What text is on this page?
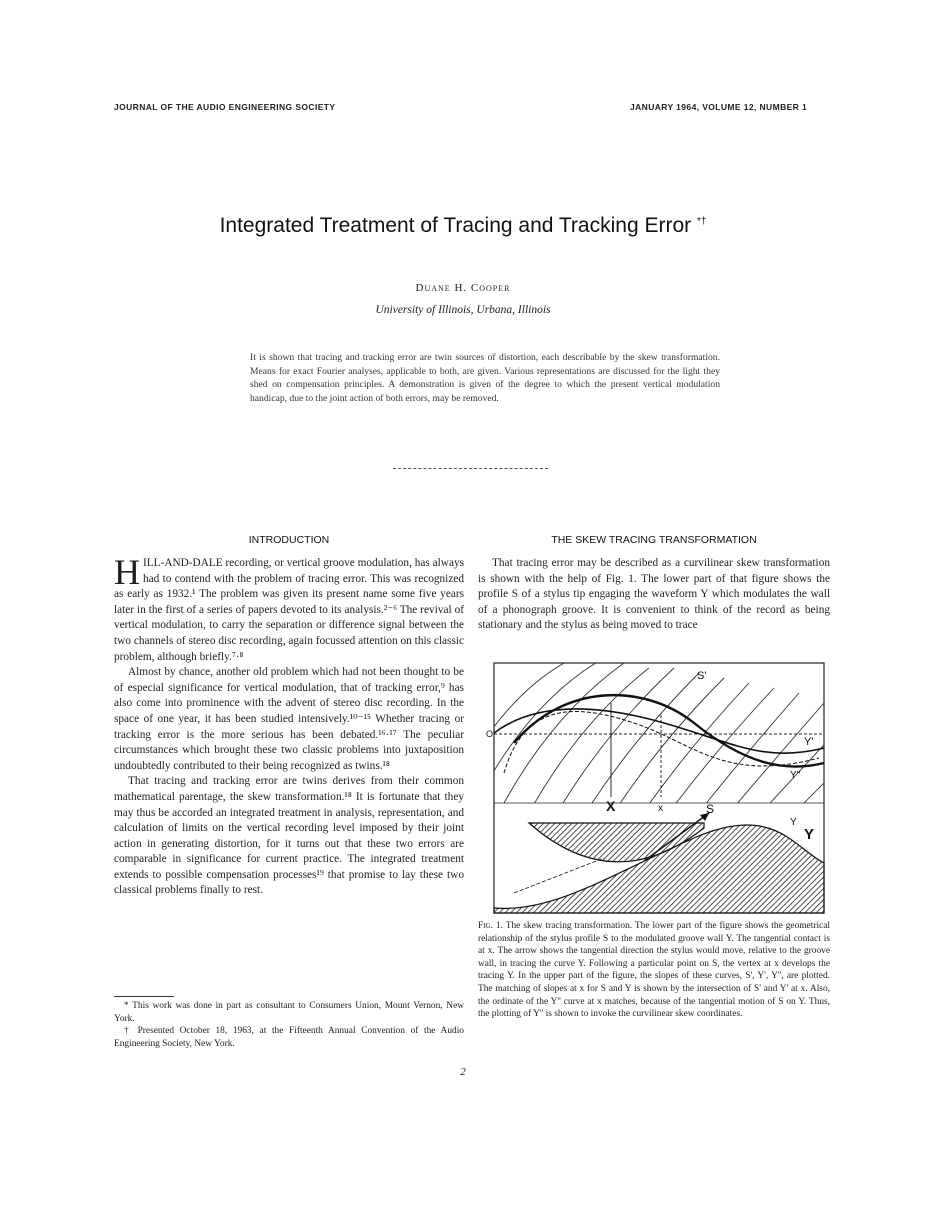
JOURNAL OF THE AUDIO ENGINEERING SOCIETY	JANUARY 1964, VOLUME 12, NUMBER 1
Integrated Treatment of Tracing and Tracking Error *†
Duane H. Cooper
University of Illinois, Urbana, Illinois
It is shown that tracing and tracking error are twin sources of distortion, each describable by the skew transformation. Means for exact Fourier analyses, applicable to both, are given. Various representations are discussed for the light they shed on compensation principles. A demonstration is given of the degree to which the present vertical modulation handicap, due to the joint action of both errors, may be removed.
INTRODUCTION	THE SKEW TRACING TRANSFORMATION

HILL-AND-DALE recording, or vertical groove modulation, has always had to contend with the problem of tracing error. This was recognized as early as 1932.¹ The problem was given its present name some five years later in the first of a series of papers devoted to its analysis.²⁻⁶ The revival of vertical modulation, to carry the separation or difference signal between the two channels of stereo disc recording, again focussed attention on this classic problem, although briefly.⁷·⁸

Almost by chance, another old problem which had not been thought to be of especial significance for vertical modulation, that of tracking error,⁹ has also come into prominence with the advent of stereo disc recording. In the space of one year, it has been studied intensively.¹⁰⁻¹⁵ Whether tracing or tracking error is the more serious has been debated.¹⁶·¹⁷ The peculiar circumstances which brought these two classic problems into juxtaposition undoubtedly contributed to their being recognized as twins.¹⁸

That tracing and tracking error are twins derives from their common mathematical parentage, the skew transformation.¹⁸ It is fortunate that they may thus be accorded an integrated treatment in analysis, representation, and calculation of limits on the vertical recording level imposed by their joint action in generating distortion, for it turns out that these two errors are comparable in significance for current practice. The integrated treatment extends to possible compensation processes¹⁹ that promise to lay these two classical problems finally to rest.

* This work was done in part as consultant to Consumers Union, Mount Vernon, New York.

† Presented October 18, 1963, at the Fifteenth Annual Convention of the Audio Engineering Society, New York.

That tracing error may be described as a curvilinear skew transformation is shown with the help of Fig. 1. The lower part of that figure shows the profile S of a stylus tip engaging the waveform Y which modulates the wall of a phonograph groove. It is convenient to think of the record as being stationary and the stylus as being moved to trace

S'
O
Y'
Y''
X	x	S
Y
Y
Fig. 1. The skew tracing transformation. The lower part of the figure shows the geometrical relationship of the stylus profile S to the modulated groove wall Y. The tangential contact is at x. The arrow shows the tangential direction the stylus would move, relative to the groove wall, in tracing the curve Y. Following a particular point on S, the vertex at x develops the tracing Y. In the upper part of the figure, the slopes of these curves, S', Y', Y'', are plotted. The matching of slopes at x for S and Y is shown by the intersection of S' and Y' at x. Also, the ordinate of the Y'' curve at x matches, because of the tangential motion of S on Y. Thus, the plotting of Y'' is shown to invoke the curvilinear skew coordinates.
2
